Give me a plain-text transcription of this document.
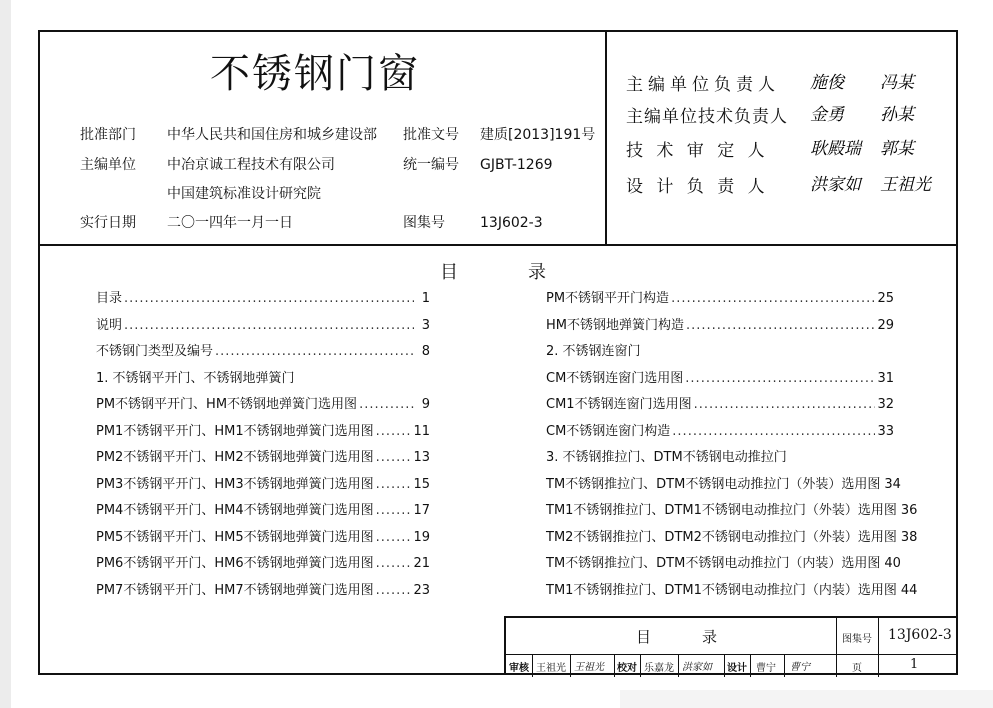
不锈钢门窗
批准部门 中华人民共和国住房和城乡建设部 批准文号 建质[2013]191号
主编单位 中冶京诚工程技术有限公司	统一编号 GJBT-1269
中国建筑标准设计研究院
实行日期 二〇一四年一月一日	图集号	13J602-3
主编单位负责人 施俊 冯某
主编单位技术负责人 金勇 孙某
技 术 审 定 人 耿殿瑞 郭某
设 计 负 责 人 洪家如 王祖光
目	录
目录 .....	1
说明 .....	3
不锈钢门类型及编号 .....	8
1. 不锈钢平开门、不锈钢地弹簧门
PM不锈钢平开门、HM不锈钢地弹簧门选用图 .....	9
PM1不锈钢平开门、HM1不锈钢地弹簧门选用图 .....	11
PM2不锈钢平开门、HM2不锈钢地弹簧门选用图 .....	13
PM3不锈钢平开门、HM3不锈钢地弹簧门选用图 .....	15
PM4不锈钢平开门、HM4不锈钢地弹簧门选用图 .....	17
PM5不锈钢平开门、HM5不锈钢地弹簧门选用图 .....	19
PM6不锈钢平开门、HM6不锈钢地弹簧门选用图 .....	21
PM7不锈钢平开门、HM7不锈钢地弹簧门选用图 .....	23
PM不锈钢平开门构造 .....	25
HM不锈钢地弹簧门构造 .....	29
2. 不锈钢连窗门
CM不锈钢连窗门选用图 .....	31
CM1不锈钢连窗门选用图 .....	32
CM不锈钢连窗门构造 .....	33
3. 不锈钢推拉门、DTM不锈钢电动推拉门
TM不锈钢推拉门、DTM不锈钢电动推拉门（外装）选用图 34
TM1不锈钢推拉门、DTM1不锈钢电动推拉门（外装）选用图 36
TM2不锈钢推拉门、DTM2不锈钢电动推拉门（外装）选用图 38
TM不锈钢推拉门、DTM不锈钢电动推拉门（内装）选用图 40
TM1不锈钢推拉门、DTM1不锈钢电动推拉门（内装）选用图 44
目	录	图集号 13J602-3
审核 王祖光 王祖光 校对 乐嘉龙 洪家如 设计 曹宁 曹宁	页	1
